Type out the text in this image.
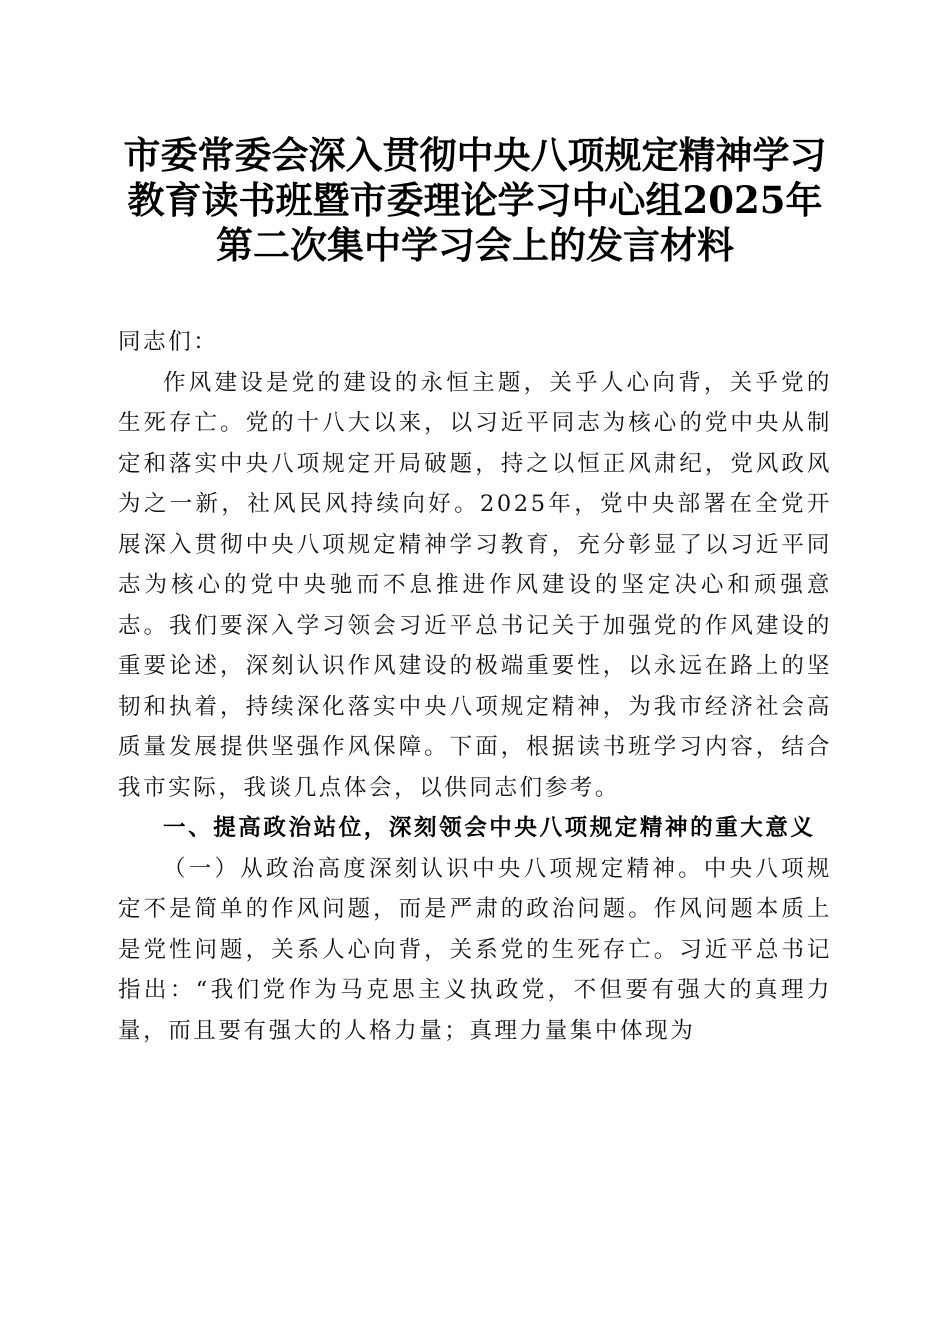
市委常委会深入贯彻中央八项规定精神学习教育读书班暨市委理论学习中心组2025年第二次集中学习会上的发言材料

同志们：

作风建设是党的建设的永恒主题，关乎人心向背，关乎党的生死存亡。党的十八大以来，以习近平同志为核心的党中央从制定和落实中央八项规定开局破题，持之以恒正风肃纪，党风政风为之一新，社风民风持续向好。2025年，党中央部署在全党开展深入贯彻中央八项规定精神学习教育，充分彰显了以习近平同志为核心的党中央驰而不息推进作风建设的坚定决心和顽强意志。我们要深入学习领会习近平总书记关于加强党的作风建设的重要论述，深刻认识作风建设的极端重要性，以永远在路上的坚韧和执着，持续深化落实中央八项规定精神，为我市经济社会高质量发展提供坚强作风保障。下面，根据读书班学习内容，结合我市实际，我谈几点体会，以供同志们参考。

一、提高政治站位，深刻领会中央八项规定精神的重大意义

（一）从政治高度深刻认识中央八项规定精神。中央八项规定不是简单的作风问题，而是严肃的政治问题。作风问题本质上是党性问题，关系人心向背，关系党的生死存亡。习近平总书记指出：“我们党作为马克思主义执政党，不但要有强大的真理力量，而且要有强大的人格力量；真理力量集中体现为
